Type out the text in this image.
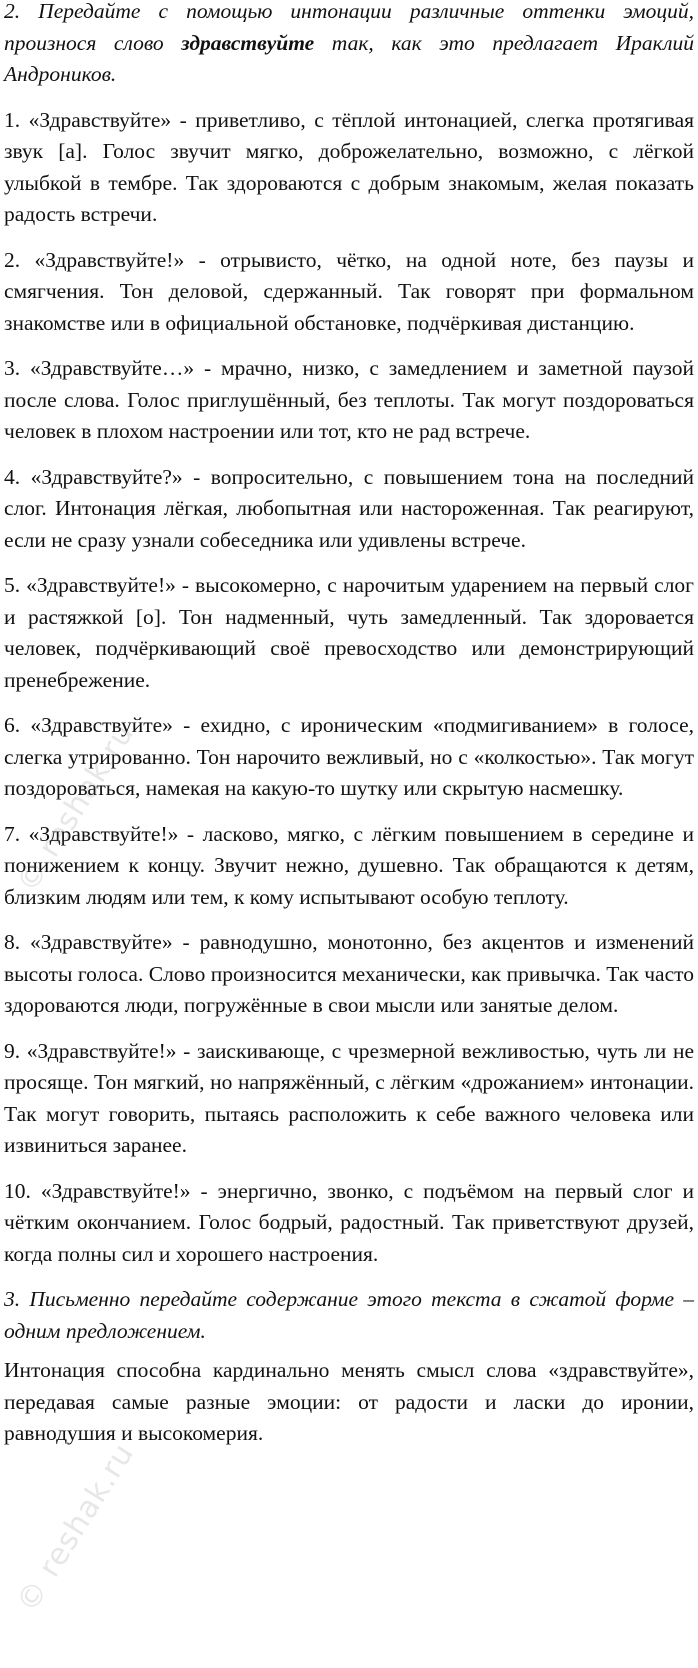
2. Передайте с помощью интонации различные оттенки эмоций, произнося слово здравствуйте так, как это предлагает Ираклий Андроников.

1. «Здравствуйте» - приветливо, с тёплой интонацией, слегка протягивая звук [а]. Голос звучит мягко, доброжелательно, возможно, с лёгкой улыбкой в тембре. Так здороваются с добрым знакомым, желая показать радость встречи.

2. «Здравствуйте!» - отрывисто, чётко, на одной ноте, без паузы и смягчения. Тон деловой, сдержанный. Так говорят при формальном знакомстве или в официальной обстановке, подчёркивая дистанцию.

3. «Здравствуйте…» - мрачно, низко, с замедлением и заметной паузой после слова. Голос приглушённый, без теплоты. Так могут поздороваться человек в плохом настроении или тот, кто не рад встрече.

4. «Здравствуйте?» - вопросительно, с повышением тона на последний слог. Интонация лёгкая, любопытная или настороженная. Так реагируют, если не сразу узнали собеседника или удивлены встрече.

5. «Здравствуйте!» - высокомерно, с нарочитым ударением на первый слог и растяжкой [о]. Тон надменный, чуть замедленный. Так здоровается человек, подчёркивающий своё превосходство или демонстрирующий пренебрежение.

6. «Здравствуйте» - ехидно, с ироническим «подмигиванием» в голосе, слегка утрированно. Тон нарочито вежливый, но с «колкостью». Так могут поздороваться, намекая на какую-то шутку или скрытую насмешку.

7. «Здравствуйте!» - ласково, мягко, с лёгким повышением в середине и понижением к концу. Звучит нежно, душевно. Так обращаются к детям, близким людям или тем, к кому испытывают особую теплоту.

8. «Здравствуйте» - равнодушно, монотонно, без акцентов и изменений высоты голоса. Слово произносится механически, как привычка. Так часто здороваются люди, погружённые в свои мысли или занятые делом.

9. «Здравствуйте!» - заискивающе, с чрезмерной вежливостью, чуть ли не просяще. Тон мягкий, но напряжённый, с лёгким «дрожанием» интонации. Так могут говорить, пытаясь расположить к себе важного человека или извиниться заранее.

10. «Здравствуйте!» - энергично, звонко, с подъёмом на первый слог и чётким окончанием. Голос бодрый, радостный. Так приветствуют друзей, когда полны сил и хорошего настроения.

3. Письменно передайте содержание этого текста в сжатой форме – одним предложением.

Интонация способна кардинально менять смысл слова «здравствуйте», передавая самые разные эмоции: от радости и ласки до иронии, равнодушия и высокомерия.

© reshak.ru
© reshak.ru
